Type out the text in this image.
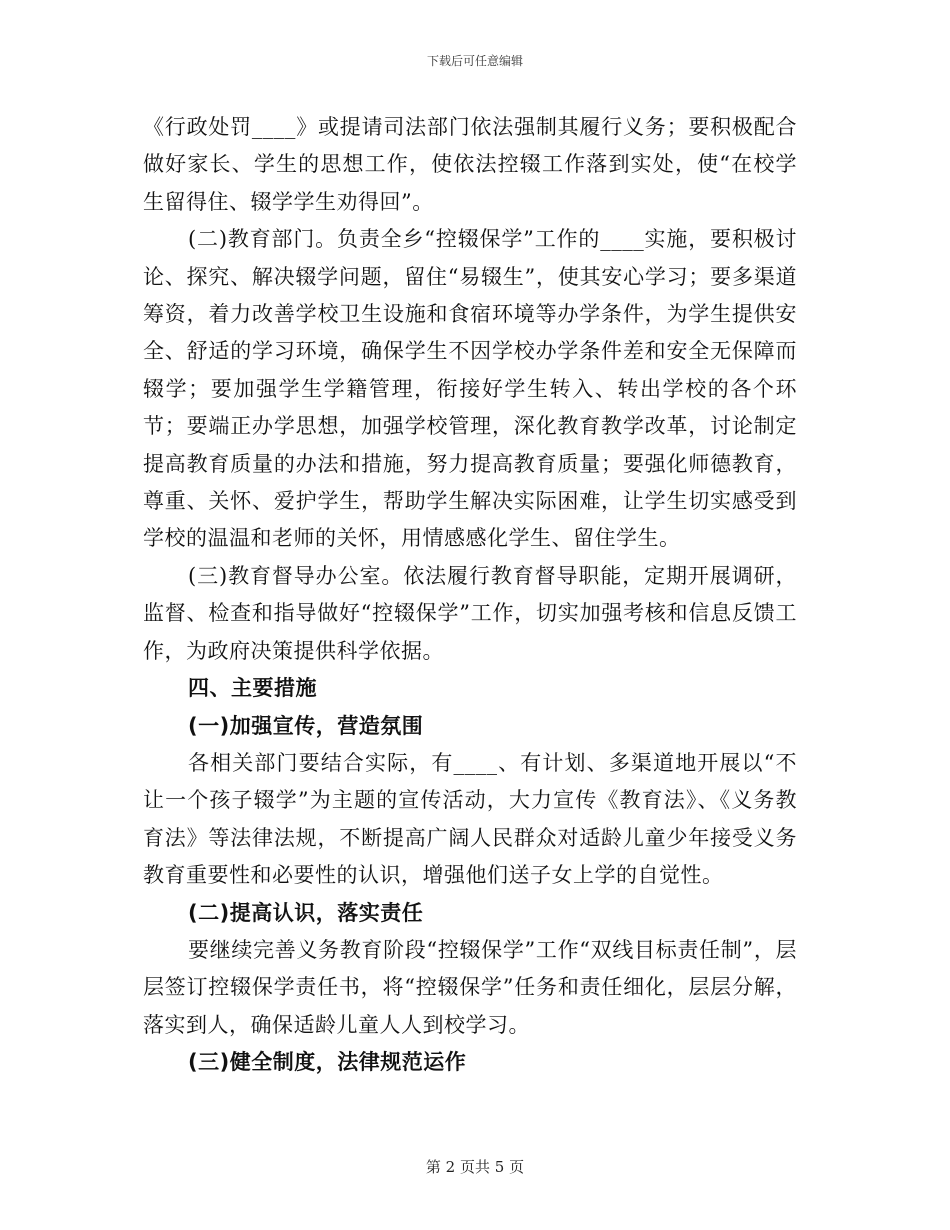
下载后可任意编辑

《行政处罚____》或提请司法部门依法强制其履行义务；要积极配合做好家长、学生的思想工作，使依法控辍工作落到实处，使“在校学生留得住、辍学学生劝得回”。

(二)教育部门。负责全乡“控辍保学”工作的____实施，要积极讨论、探究、解决辍学问题，留住“易辍生”，使其安心学习；要多渠道筹资，着力改善学校卫生设施和食宿环境等办学条件，为学生提供安全、舒适的学习环境，确保学生不因学校办学条件差和安全无保障而辍学；要加强学生学籍管理，衔接好学生转入、转出学校的各个环节；要端正办学思想，加强学校管理，深化教育教学改革，讨论制定提高教育质量的办法和措施，努力提高教育质量；要强化师德教育，尊重、关怀、爱护学生，帮助学生解决实际困难，让学生切实感受到学校的温温和老师的关怀，用情感感化学生、留住学生。

(三)教育督导办公室。依法履行教育督导职能，定期开展调研，监督、检查和指导做好“控辍保学”工作，切实加强考核和信息反馈工作，为政府决策提供科学依据。

四、主要措施

(一)加强宣传，营造氛围

各相关部门要结合实际，有____、有计划、多渠道地开展以“不让一个孩子辍学”为主题的宣传活动，大力宣传《教育法》、《义务教育法》等法律法规，不断提高广阔人民群众对适龄儿童少年接受义务教育重要性和必要性的认识，增强他们送子女上学的自觉性。

(二)提高认识，落实责任

要继续完善义务教育阶段“控辍保学”工作“双线目标责任制”，层层签订控辍保学责任书，将“控辍保学”任务和责任细化，层层分解，落实到人，确保适龄儿童人人到校学习。

(三)健全制度，法律规范运作

第 2 页共 5 页
